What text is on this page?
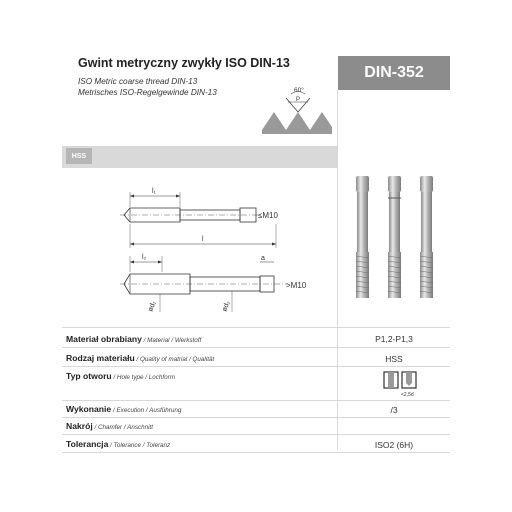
Gwint metryczny zwykły ISO DIN-13
ISO Metric coarse thread DIN-13
Metrisches ISO-Regelgewinde DIN-13	60°
P
DIN-352
HSS
l₁
≤M10
l
l₂	a
>M10
ød₁	ød₂
Materiał obrabiany / Material / Werkstoff	P1,2-P1,3
Rodzaj materiału / Quality of matrial / Qualität	HSS
Typ otworu / Hole type / Lochform
<2,5d
Wykonanie / Execution / Ausführung	/3
Nakrój / Chamfer / Anschnitt
Tolerancja / Tolerance / Toleranz	ISO2 (6H)
